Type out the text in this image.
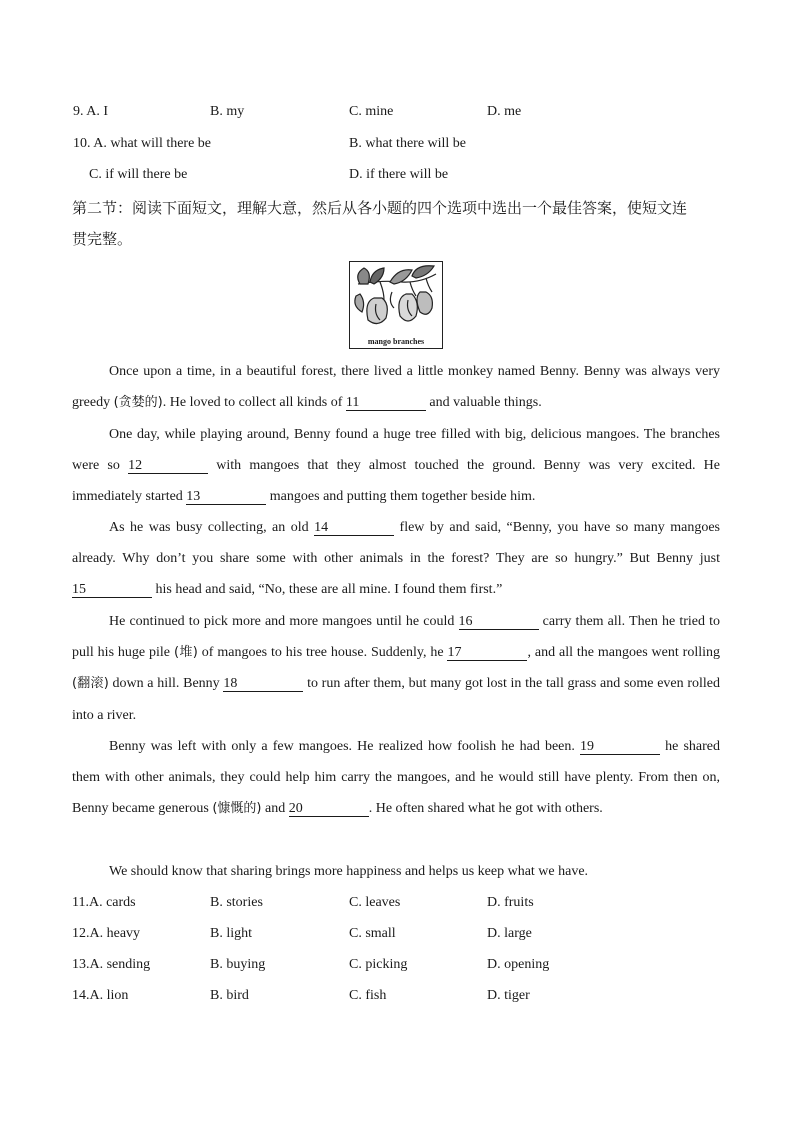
9. A. I	B. my	C. mine	D. me
10. A. what will there be	B. what there will be
C. if will there be	D. if there will be
第二节：阅读下面短文，理解大意，然后从各小题的四个选项中选出一个最佳答案，使短文连
贯完整。
mango branches
Once upon a time, in a beautiful forest, there lived a little monkey named Benny. Benny was always very greedy (贪婪的). He loved to collect all kinds of 11	and valuable things.
One day, while playing around, Benny found a huge tree filled with big, delicious mangoes. The branches were so 12	with mangoes that they almost touched the ground. Benny was very excited. He immediately started 13	mangoes and putting them together beside him.
As he was busy collecting, an old 14	flew by and said, “Benny, you have so many mangoes already. Why don’t you share some with other animals in the forest? They are so hungry.” But Benny just 15	his head and said, “No, these are all mine. I found them first.”
He continued to pick more and more mangoes until he could 16	carry them all. Then he tried to pull his huge pile (堆) of mangoes to his tree house. Suddenly, he 17	, and all the mangoes went rolling (翻滚) down a hill. Benny 18	to run after them, but many got lost in the tall grass and some even rolled into a river.
Benny was left with only a few mangoes. He realized how foolish he had been. 19	he shared them with other animals, they could help him carry the mangoes, and he would still have plenty. From then on, Benny became generous (慷慨的) and 20	. He often shared what he got with others.
We should know that sharing brings more happiness and helps us keep what we have.
11.A. cards	B. stories	C. leaves	D. fruits
12.A. heavy	B. light	C. small	D. large
13.A. sending	B. buying	C. picking	D. opening
14.A. lion	B. bird	C. fish	D. tiger
